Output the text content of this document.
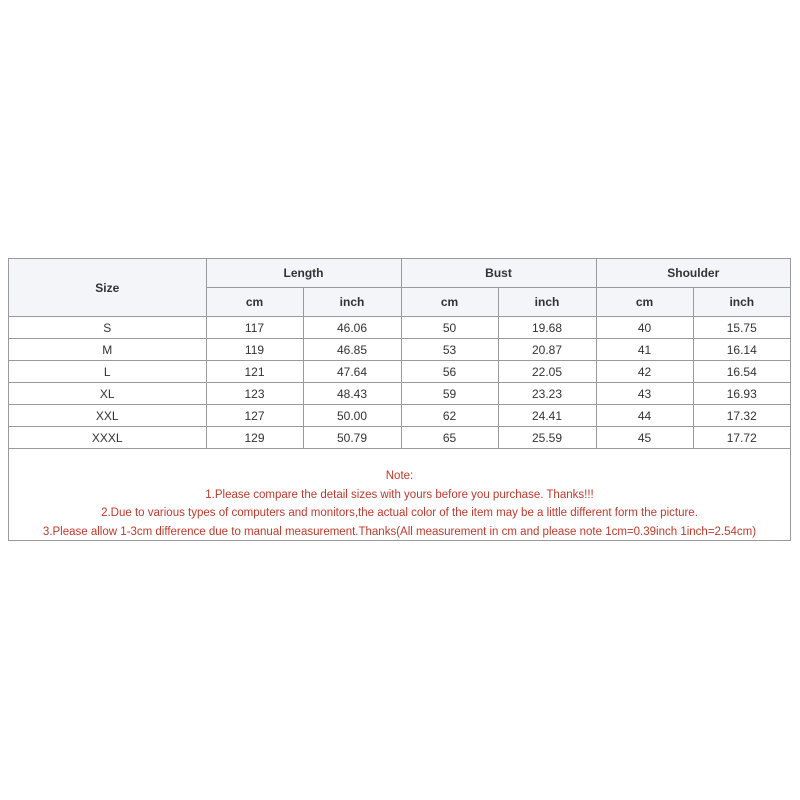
Size	Length		Bust		Shoulder	
	cm	inch	cm	inch	cm	inch
S	117	46.06	50	19.68	40	15.75
M	119	46.85	53	20.87	41	16.14
L	121	47.64	56	22.05	42	16.54
XL	123	48.43	59	23.23	43	16.93
XXL	127	50.00	62	24.41	44	17.32
XXXL	129	50.79	65	25.59	45	17.72
Note:
1.Please compare the detail sizes with yours before you purchase. Thanks!!!
2.Due to various types of computers and monitors,the actual color of the item may be a little different form the picture.
3.Please allow 1-3cm difference due to manual measurement.Thanks(All measurement in cm and please note 1cm=0.39inch 1inch=2.54cm)
